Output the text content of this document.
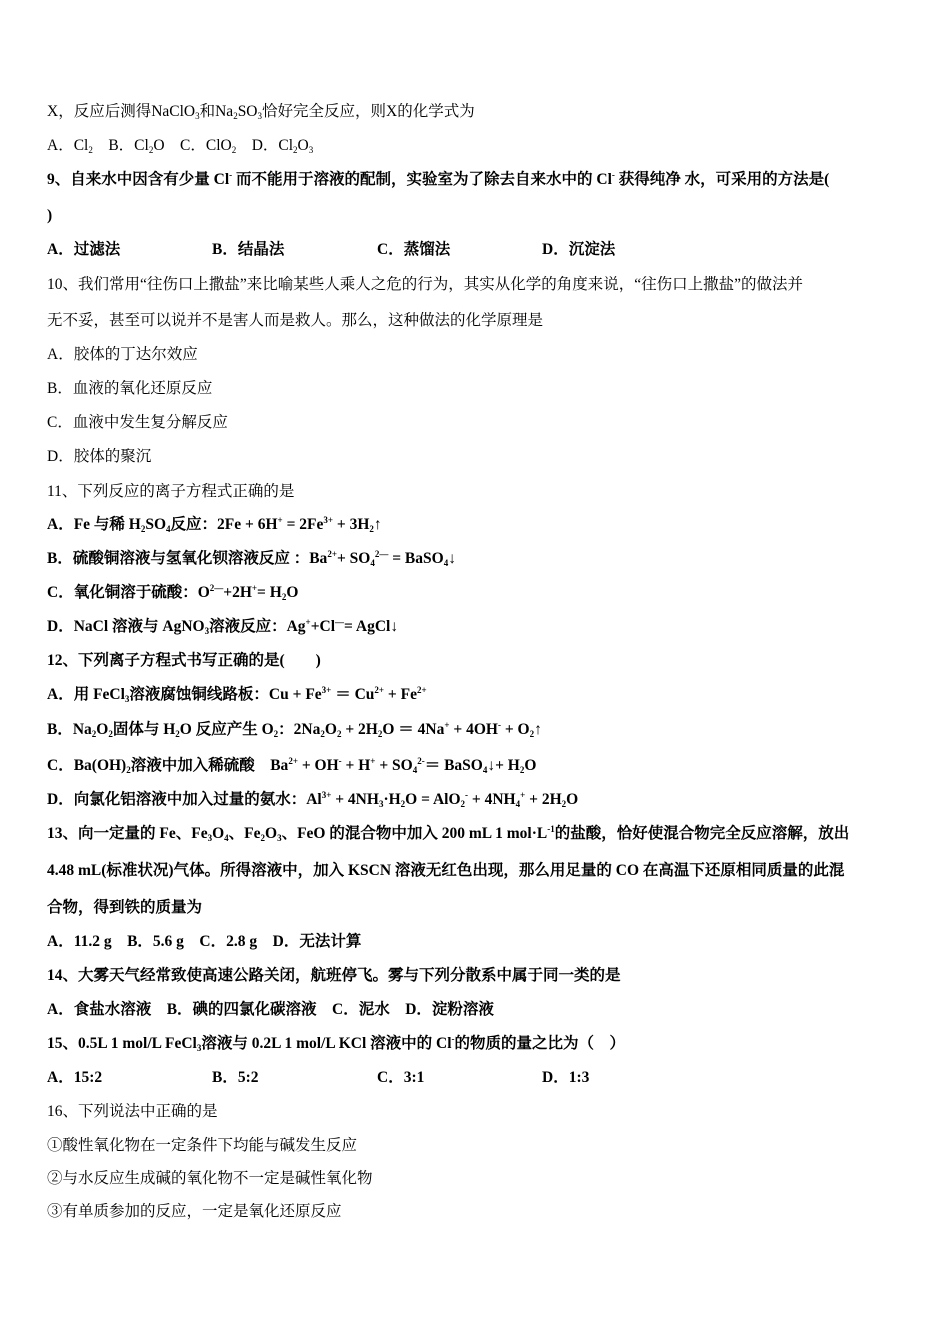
X，反应后测得NaClO$_3$和$Na_2SO_3$恰好完全反应，则X的化学式为
A．$Cl_2$　B．$Cl_2O$　C．ClO$_2$　D．$Cl_2O_3$
9、自来水中因含有少量 Cl- 而不能用于溶液的配制，实验室为了除去自来水中的 Cl- 获得纯净 水，可采用的方法是(
)
A．过滤法	B．结晶法	C．蒸馏法	D．沉淀法
10、我们常用“往伤口上撒盐”来比喻某些人乘人之危的行为，其实从化学的角度来说，“往伤口上撒盐”的做法并
无不妥，甚至可以说并不是害人而是救人。那么，这种做法的化学原理是
A．胶体的丁达尔效应
B．血液的氧化还原反应
C．血液中发生复分解反应
D．胶体的聚沉
11、下列反应的离子方程式正确的是
A．Fe 与稀 $H_2SO_4$反应：$2Fe + 6H^+ = 2Fe^{3+}$ + $3H_2↑$
B．硫酸铜溶液与氢氧化钡溶液反应 ：$Ba^{2+}+ SO_4^{2—}$ = BaSO$_4$↓
C．氧化铜溶于硫酸：$O^{2—}+2H^+= H_2O$
D．NaCl 溶液与 AgNO$_3$溶液反应：Ag++Cl—= AgCl↓
12、下列离子方程式书写正确的是(　　)
A．用 FeCl$_3$溶液腐蚀铜线路板：$Cu + Fe^{3+} = Cu^{2+} + Fe^{2+}$
B．$Na_2O_2$固体与 $H_2O$ 反应产生 $O_2$：$2Na_2O_2 + 2H_2O = 4Na^+ + 4OH^-$ + $O_2↑$
C．$Ba(OH)_2$溶液中加入稀硫酸　$Ba^{2+} + OH^- + H^+ + SO_4^{2-}=$ BaSO$_4$↓+ $H_2O$
D．向氯化铝溶液中加入过量的氨水：$Al^{3+} + 4NH_3\cdot H_2O = AlO_2^- + 4NH_4^+ + 2H_2O$
13、向一定量的 Fe、$Fe_3O_4$、$Fe_2O_3$、FeO 的混合物中加入 200 mL 1 $mol\cdot L^{-1}$的盐酸，恰好使混合物完全反应溶解，放出
4.48 mL(标准状况)气体。所得溶液中，加入 KSCN 溶液无红色出现，那么用足量的 CO 在高温下还原相同质量的此混
合物，得到铁的质量为
A．11.2 g　B．5.6 g　C．2.8 g　D．无法计算
14、大雾天气经常致使高速公路关闭，航班停飞。雾与下列分散系中属于同一类的是
A．食盐水溶液　B．碘的四氯化碳溶液　C．泥水　D．淀粉溶液
15、0.5L 1 mol/L FeCl$_3$溶液与 0.2L 1 mol/L KCl 溶液中的 Cl-的物质的量之比为（　）
A．15:2	B．5:2	C．3:1	D．1:3
16、下列说法中正确的是
①酸性氧化物在一定条件下均能与碱发生反应
②与水反应生成碱的氧化物不一定是碱性氧化物
③有单质参加的反应，一定是氧化还原反应
